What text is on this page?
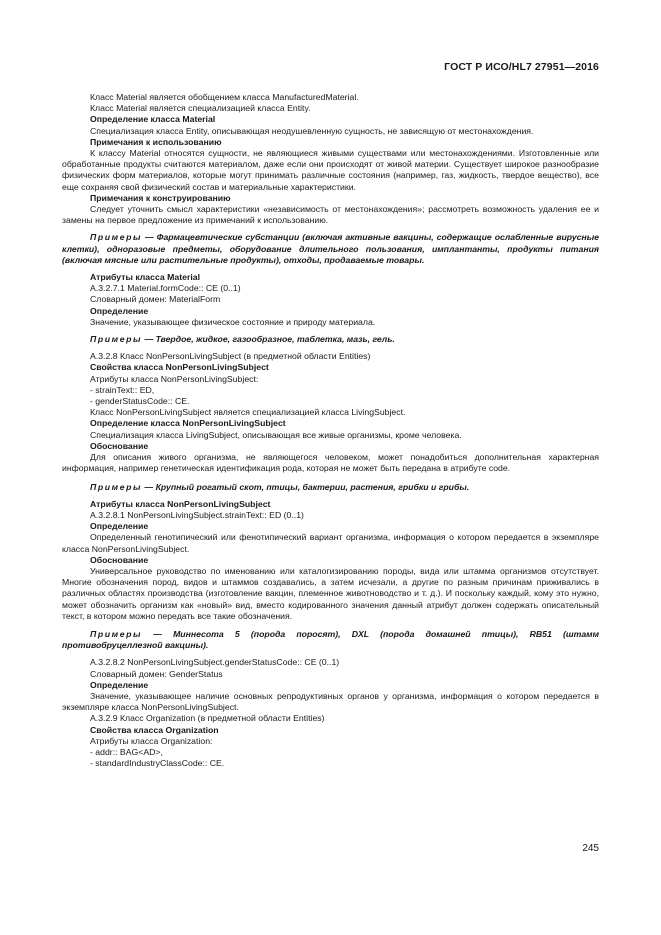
ГОСТ Р ИСО/HL7 27951—2016

Класс Material является обобщением класса ManufacturedMaterial.

Класс Material является специализацией класса Entity.

Определение класса Material

Специализация класса Entity, описывающая неодушевленную сущность, не зависящую от местонахождения.

Примечания к использованию

К классу Material относятся сущности, не являющиеся живыми существами или местонахождениями. Изготовленные или обработанные продукты считаются материалом, даже если они происходят от живой материи. Существует широкое разнообразие физических форм материалов, которые могут принимать различные состояния (например, газ, жидкость, твердое вещество), все еще сохраняя свой физический состав и материальные характеристики.

Примечания к конструированию

Следует уточнить смысл характеристики «независимость от местонахождения»; рассмотреть возможность удаления ее и замены на первое предложение из примечаний к использованию.

Примеры — Фармацевтические субстанции (включая активные вакцины, содержащие ослабленные вирусные клетки), одноразовые предметы, оборудование длительного пользования, имплантанты, продукты питания (включая мясные или растительные продукты), отходы, продаваемые товары.

Атрибуты класса Material

A.3.2.7.1 Material.formCode:: CE (0..1)

Словарный домен: MaterialForm

Определение

Значение, указывающее физическое состояние и природу материала.

Примеры — Твердое, жидкое, газообразное, таблетка, мазь, гель.

A.3.2.8 Класс NonPersonLivingSubject (в предметной области Entities)

Свойства класса NonPersonLivingSubject

Атрибуты класса NonPersonLivingSubject:

- strainText:: ED,

- genderStatusCode:: CE.

Класс NonPersonLivingSubject является специализацией класса LivingSubject.

Определение класса NonPersonLivingSubject

Специализация класса LivingSubject, описывающая все живые организмы, кроме человека.

Обоснование

Для описания живого организма, не являющегося человеком, может понадобиться дополнительная характерная информация, например генетическая идентификация рода, которая не может быть передана в атрибуте code.

Примеры — Крупный рогатый скот, птицы, бактерии, растения, грибки и грибы.

Атрибуты класса NonPersonLivingSubject

A.3.2.8.1 NonPersonLivingSubject.strainText:: ED (0..1)

Определение

Определенный генотипический или фенотипический вариант организма, информация о котором передается в экземпляре класса NonPersonLivingSubject.

Обоснование

Универсальное руководство по именованию или каталогизированию породы, вида или штамма организмов отсутствует. Многие обозначения пород, видов и штаммов создавались, а затем исчезали, а другие по разным причинам приживались в различных областях производства (изготовление вакцин, племенное животноводство и т. д.). И поскольку каждый, кому это нужно, может обозначить организм как «новый» вид, вместо кодированного значения данный атрибут должен содержать описательный текст, в котором можно передать все такие обозначения.

Примеры — Миннесота 5 (порода поросят), DXL (порода домашней птицы), RB51 (штамм противобруцеллезной вакцины).

A.3.2.8.2 NonPersonLivingSubject.genderStatusCode:: CE (0..1)

Словарный домен: GenderStatus

Определение

Значение, указывающее наличие основных репродуктивных органов у организма, информация о котором передается в экземпляре класса NonPersonLivingSubject.

A.3.2.9 Класс Organization (в предметной области Entities)

Свойства класса Organization

Атрибуты класса Organization:

- addr:: BAG<AD>,

- standardIndustryClassCode:: CE.

245
